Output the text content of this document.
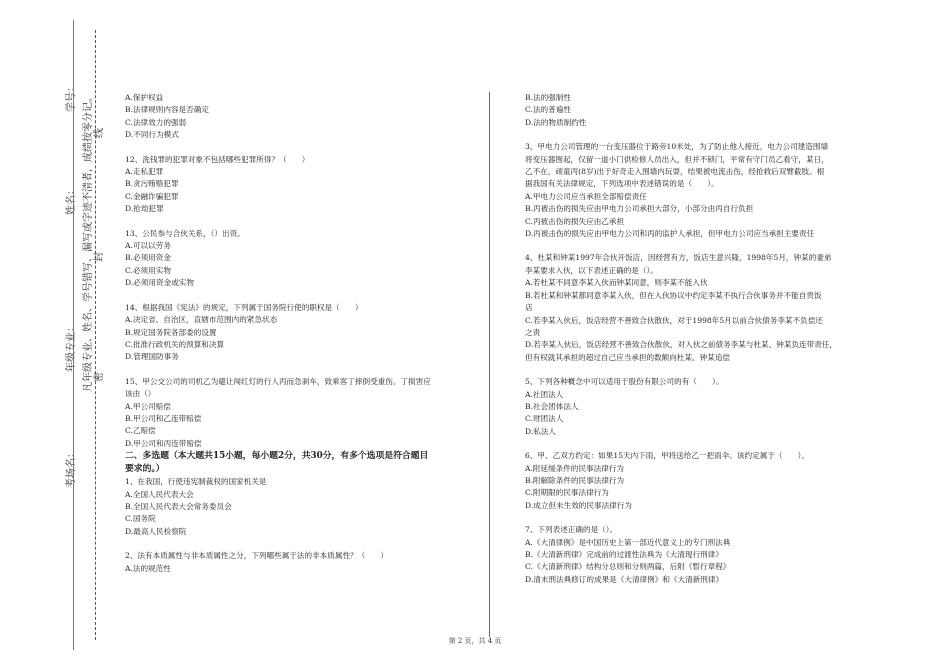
学号：
姓名：
年级专业：
考场名：
凡年级专业、姓名、学号错写、漏写或字迹不清者，成绩按零分记。 密
封
线

A.保护权益

B.法律规则内容是否确定

C.法律效力的强弱

D.不同行为模式

12、洗钱罪的犯罪对象不包括哪些犯罪所得？（　　）

A.走私犯罪

B.贪污贿赂犯罪

C.金融诈骗犯罪

D.抢劫犯罪

13、公民参与合伙关系，（）出资。

A.可以以劳务

B.必须用资金

C.必须用实物

D.必须用资金或实物

14、根据我国《宪法》的规定，下列属于国务院行使的职权是（　　）

A.决定省、自治区，直辖市范围内的紧急状态

B.规定国务院各部委的设置

C.批准行政机关的预算和决算

D.管理国防事务

15、甲公交公司的司机乙为避让闯红灯的行人丙而急刹车，致乘客丁摔倒受重伤。丁损害应

该由（）

A.甲公司赔偿

B.甲公司和乙连带赔偿

C.乙赔偿

D.甲公司和丙连带赔偿

二、多选题（本大题共15小题，每小题2分，共30分，有多个选项是符合题目

要求的。）

1、在我国，行使违宪制裁权的国家机关是

A.全国人民代表大会

B.全国人民代表大会常务委员会

C.国务院

D.最高人民检察院

2、法有本质属性与非本质属性之分，下列哪些属于法的非本质属性？（　　）

A.法的规范性

B.法的强制性

C.法的普遍性

D.法的物质制约性

3、甲电力公司管理的一台变压器位于路旁10米处，为了防止他人接近，电力公司建造围墙

将变压器围起，仅留一道小门供检修人员出入，但并不锁门，平常有守门员乙看守，某日，

乙不在，顽童丙(8岁)出于好奇走入围墙内玩耍，结果被电流击伤，经抢救后双臂截肢。根

据我国有关法律规定，下列选项中表述错误的是（　　）。

A.甲电力公司应当承担全部赔偿责任

B.丙被击伤的损失应由甲电力公司承担大部分，小部分由丙自行负担

C.丙被击伤的损失应由乙承担

D.丙被击伤的损失应由甲电力公司和丙的监护人承担，但甲电力公司应当承担主要责任

4、杜某和钟某1997年合伙开饭店，因经营有方，饭店生意兴隆，1998年5月，钟某的妻弟

李某要求入伙，以下表述正确的是（）。

A.若杜某不同意李某入伙而钟某同意，则李某不能入伙

B.若杜某和钟某都同意李某入伙，但在入伙协议中约定李某不执行合伙事务并不能自贵饭

店

C.若李某入伙后，饭店经营不善致合伙散伙，对于1998年5月以前合伙债务李某不负偿还

之责

D.若李某入伙后，饭店经营不善致合伙散伙，对入伙之前债务李某与杜某、钟某负连带责任，

但有权就其承担的超过自己应当承担的数额向杜某、钟某追偿

5、下列各种概念中可以适用于股份有限公司的有（　　）。

A.社团法人

B.社会团体法人

C.财团法人

D.私法人

6、甲、乙双方约定：如果15天内下雨，甲将送给乙一把雨伞。该约定属于（　　）。

A.附延缓条件的民事法律行为

B.附解除条件的民事法律行为

C.附期限的民事法律行为

D.成立但未生效的民事法律行为

7、下列表述正确的是（）。

A.《大清律例》是中国历史上第一部近代意义上的专门刑法典

B.《大清新刑律》完成前的过渡性法典为《大清现行刑律》

C.《大清新刑律》结构分总则和分则两篇，后附《暂行章程》

D.清末刑法典修订的成果是《大清律例》和《大清新刑律》

第 2 页，共 4 页
